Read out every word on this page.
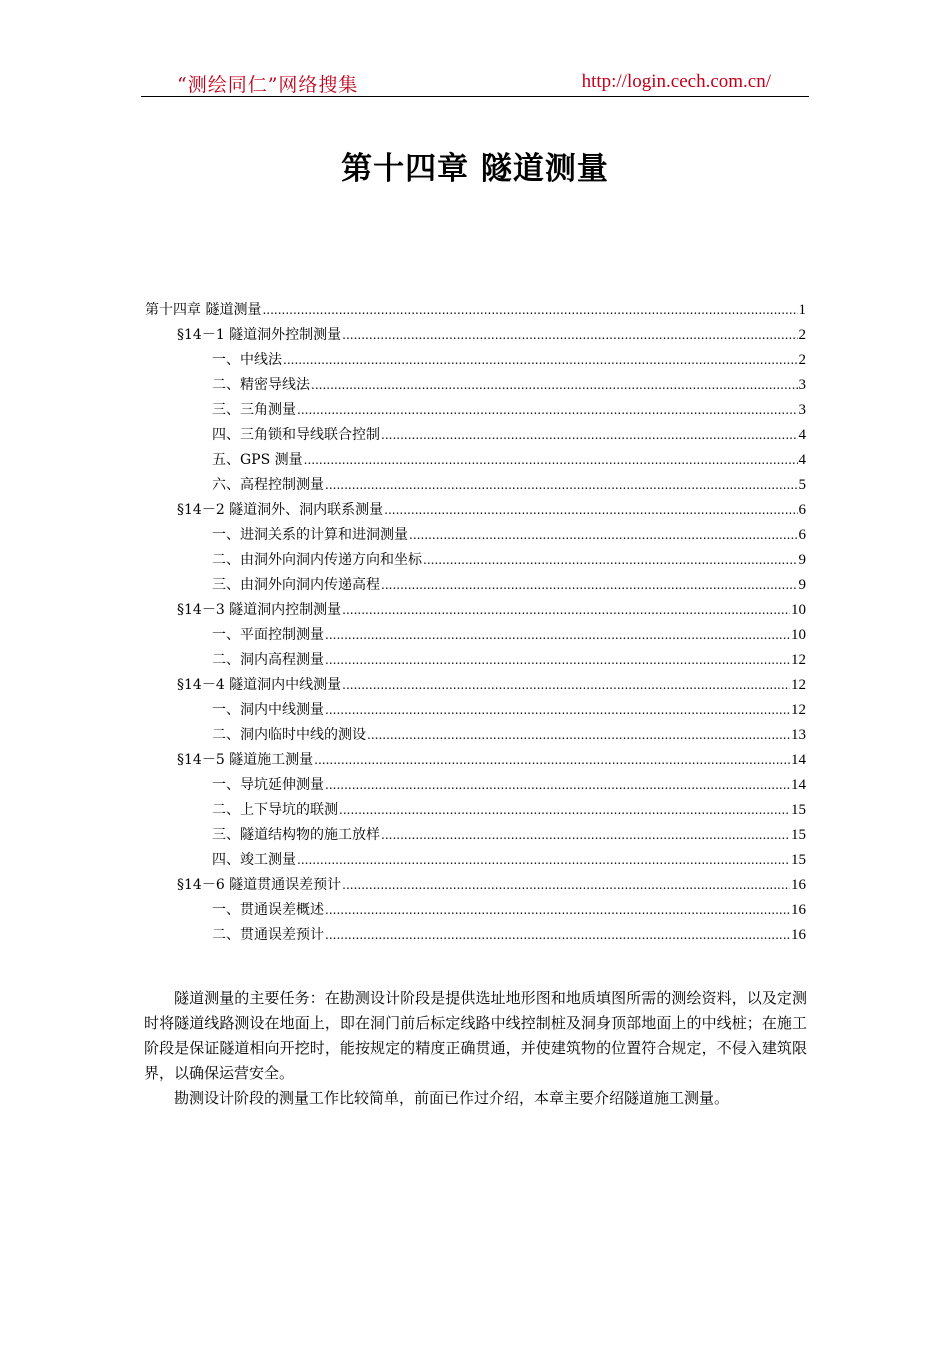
“测绘同仁”网络搜集	http://login.cech.com.cn/
第十四章 隧道测量
第十四章 隧道测量 .....	1
§14－1 隧道洞外控制测量 .....	2
一、中线法 .....	2
二、精密导线法 .....	3
三、三角测量 .....	3
四、三角锁和导线联合控制 .....	4
五、GPS 测量 .....	4
六、高程控制测量 .....	5
§14－2 隧道洞外、洞内联系测量 .....	6
一、进洞关系的计算和进洞测量 .....	6
二、由洞外向洞内传递方向和坐标 .....	9
三、由洞外向洞内传递高程 .....	9
§14－3 隧道洞内控制测量 .....	10
一、平面控制测量 .....	10
二、洞内高程测量 .....	12
§14－4 隧道洞内中线测量 .....	12
一、洞内中线测量 .....	12
二、洞内临时中线的测设 .....	13
§14－5 隧道施工测量 .....	14
一、导坑延伸测量 .....	14
二、上下导坑的联测 .....	15
三、隧道结构物的施工放样 .....	15
四、竣工测量 .....	15
§14－6 隧道贯通误差预计 .....	16
一、贯通误差概述 .....	16
二、贯通误差预计 .....	16

隧道测量的主要任务：在勘测设计阶段是提供选址地形图和地质填图所需的测绘资料，以及定测时将隧道线路测设在地面上，即在洞门前后标定线路中线控制桩及洞身顶部地面上的中线桩；在施工阶段是保证隧道相向开挖时，能按规定的精度正确贯通，并使建筑物的位置符合规定，不侵入建筑限界，以确保运营安全。

勘测设计阶段的测量工作比较简单，前面已作过介绍，本章主要介绍隧道施工测量。
